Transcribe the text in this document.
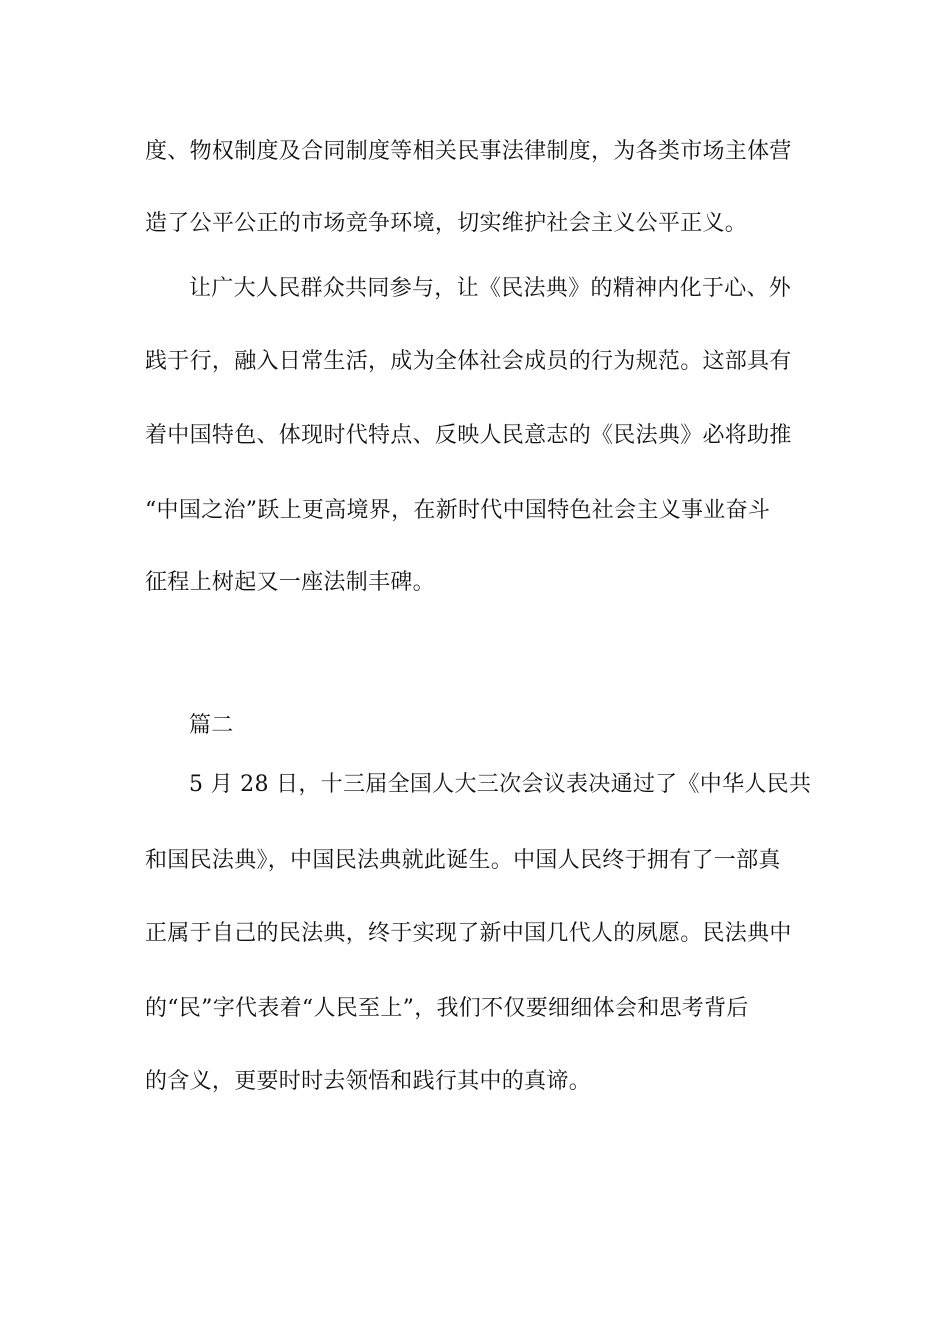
度、物权制度及合同制度等相关民事法律制度，为各类市场主体营
造了公平公正的市场竞争环境，切实维护社会主义公平正义。
让广大人民群众共同参与，让《民法典》的精神内化于心、外
践于行，融入日常生活，成为全体社会成员的行为规范。这部具有
着中国特色、体现时代特点、反映人民意志的《民法典》必将助推
“中国之治”跃上更高境界，在新时代中国特色社会主义事业奋斗
征程上树起又一座法制丰碑。
篇二
5 月 28 日，十三届全国人大三次会议表决通过了《中华人民共
和国民法典》，中国民法典就此诞生。中国人民终于拥有了一部真
正属于自己的民法典，终于实现了新中国几代人的夙愿。民法典中
的“民”字代表着“人民至上”，我们不仅要细细体会和思考背后
的含义，更要时时去领悟和践行其中的真谛。
